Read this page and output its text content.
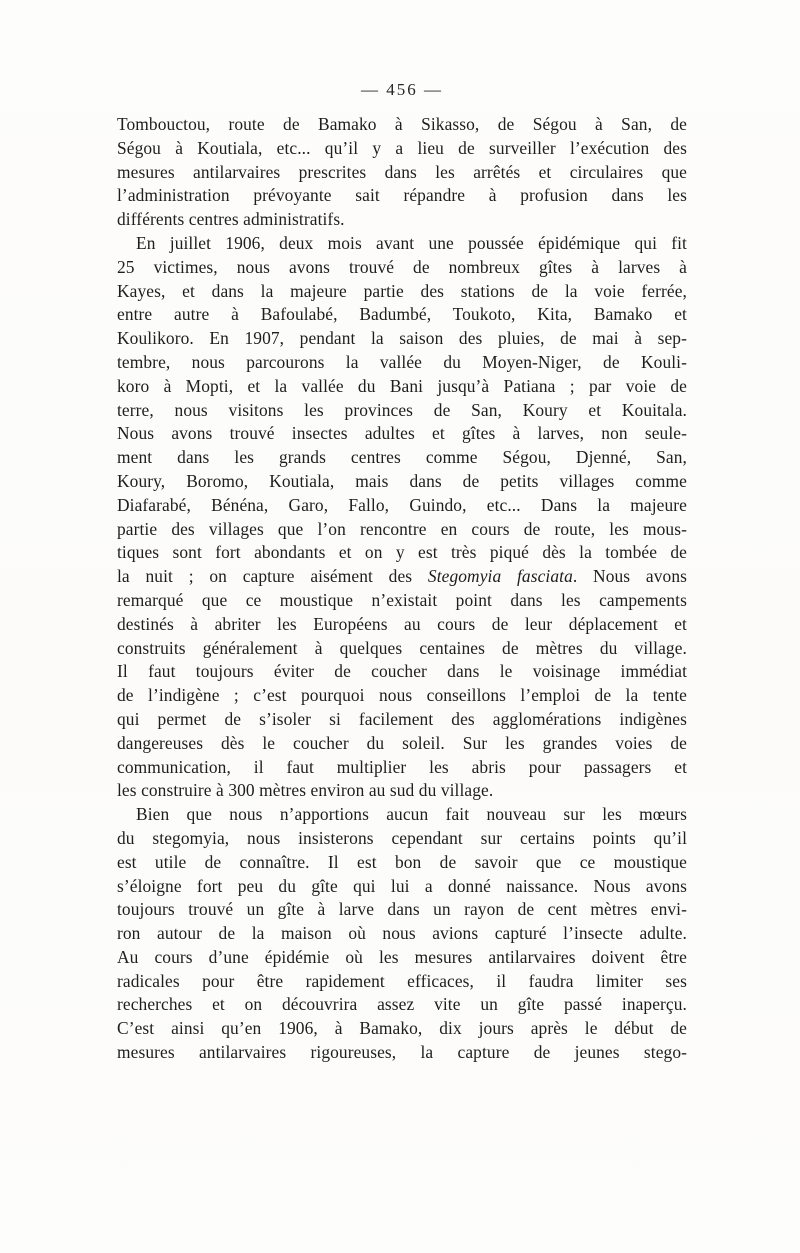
— 456 —
Tombouctou, route de Bamako à Sikasso, de Ségou à San, de
Ségou à Koutiala, etc... qu’il y a lieu de surveiller l’exécution des
mesures antilarvaires prescrites dans les arrêtés et circulaires que
l’administration prévoyante sait répandre à profusion dans les
différents centres administratifs.
En juillet 1906, deux mois avant une poussée épidémique qui fit
25 victimes, nous avons trouvé de nombreux gîtes à larves à
Kayes, et dans la majeure partie des stations de la voie ferrée,
entre autre à Bafoulabé, Badumbé, Toukoto, Kita, Bamako et
Koulikoro. En 1907, pendant la saison des pluies, de mai à sep-
tembre, nous parcourons la vallée du Moyen-Niger, de Kouli-
koro à Mopti, et la vallée du Bani jusqu’à Patiana ; par voie de
terre, nous visitons les provinces de San, Koury et Kouitala.
Nous avons trouvé insectes adultes et gîtes à larves, non seule-
ment dans les grands centres comme Ségou, Djenné, San,
Koury, Boromo, Koutiala, mais dans de petits villages comme
Diafarabé, Bénéna, Garo, Fallo, Guindo, etc... Dans la majeure
partie des villages que l’on rencontre en cours de route, les mous-
tiques sont fort abondants et on y est très piqué dès la tombée de
la nuit ; on capture aisément des Stegomyia fasciata. Nous avons
remarqué que ce moustique n’existait point dans les campements
destinés à abriter les Européens au cours de leur déplacement et
construits généralement à quelques centaines de mètres du village.
Il faut toujours éviter de coucher dans le voisinage immédiat
de l’indigène ; c’est pourquoi nous conseillons l’emploi de la tente
qui permet de s’isoler si facilement des agglomérations indigènes
dangereuses dès le coucher du soleil. Sur les grandes voies de
communication, il faut multiplier les abris pour passagers et
les construire à 300 mètres environ au sud du village.
Bien que nous n’apportions aucun fait nouveau sur les mœurs
du stegomyia, nous insisterons cependant sur certains points qu’il
est utile de connaître. Il est bon de savoir que ce moustique
s’éloigne fort peu du gîte qui lui a donné naissance. Nous avons
toujours trouvé un gîte à larve dans un rayon de cent mètres envi-
ron autour de la maison où nous avions capturé l’insecte adulte.
Au cours d’une épidémie où les mesures antilarvaires doivent être
radicales pour être rapidement efficaces, il faudra limiter ses
recherches et on découvrira assez vite un gîte passé inaperçu.
C’est ainsi qu’en 1906, à Bamako, dix jours après le début de
mesures antilarvaires rigoureuses, la capture de jeunes stego-
